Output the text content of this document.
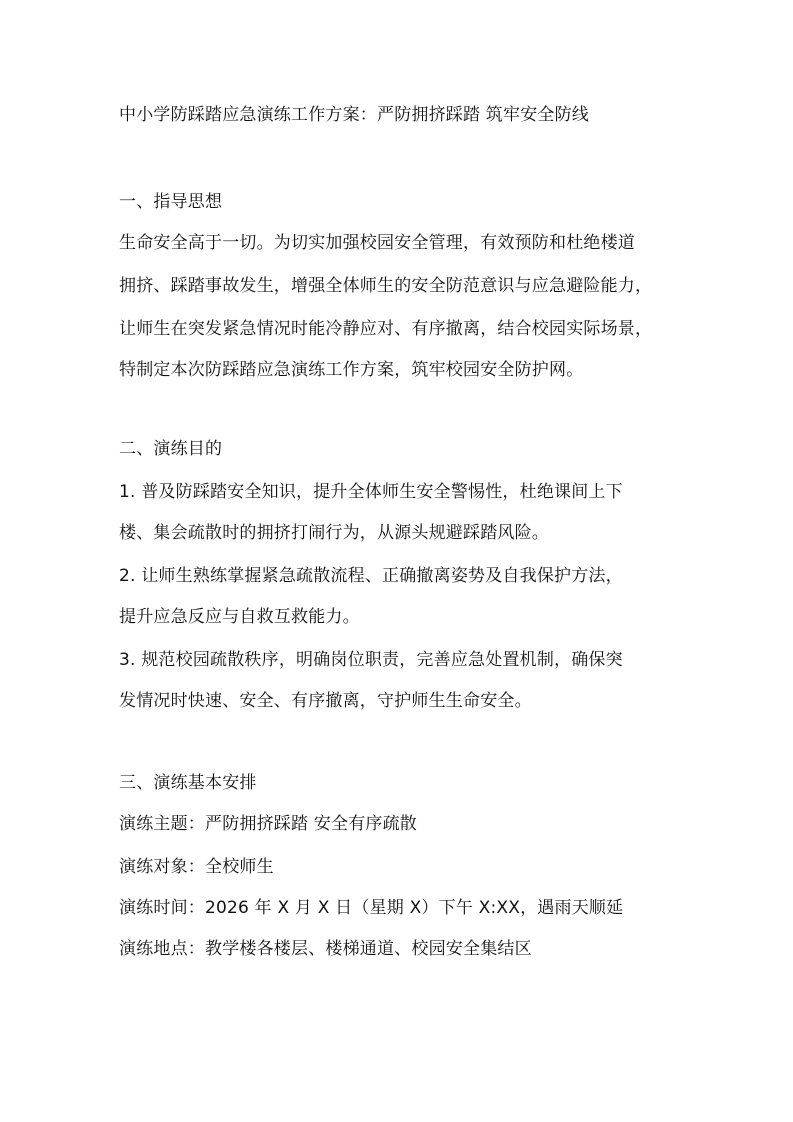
中小学防踩踏应急演练工作方案：严防拥挤踩踏 筑牢安全防线
一、指导思想
生命安全高于一切。为切实加强校园安全管理，有效预防和杜绝楼道
拥挤、踩踏事故发生，增强全体师生的安全防范意识与应急避险能力，
让师生在突发紧急情况时能冷静应对、有序撤离，结合校园实际场景，
特制定本次防踩踏应急演练工作方案，筑牢校园安全防护网。
二、演练目的
1. 普及防踩踏安全知识，提升全体师生安全警惕性，杜绝课间上下
楼、集会疏散时的拥挤打闹行为，从源头规避踩踏风险。
2. 让师生熟练掌握紧急疏散流程、正确撤离姿势及自我保护方法，
提升应急反应与自救互救能力。
3. 规范校园疏散秩序，明确岗位职责，完善应急处置机制，确保突
发情况时快速、安全、有序撤离，守护师生生命安全。
三、演练基本安排
演练主题：严防拥挤踩踏 安全有序疏散
演练对象：全校师生
演练时间：2026 年 X 月 X 日（星期 X）下午 X:XX，遇雨天顺延
演练地点：教学楼各楼层、楼梯通道、校园安全集结区
